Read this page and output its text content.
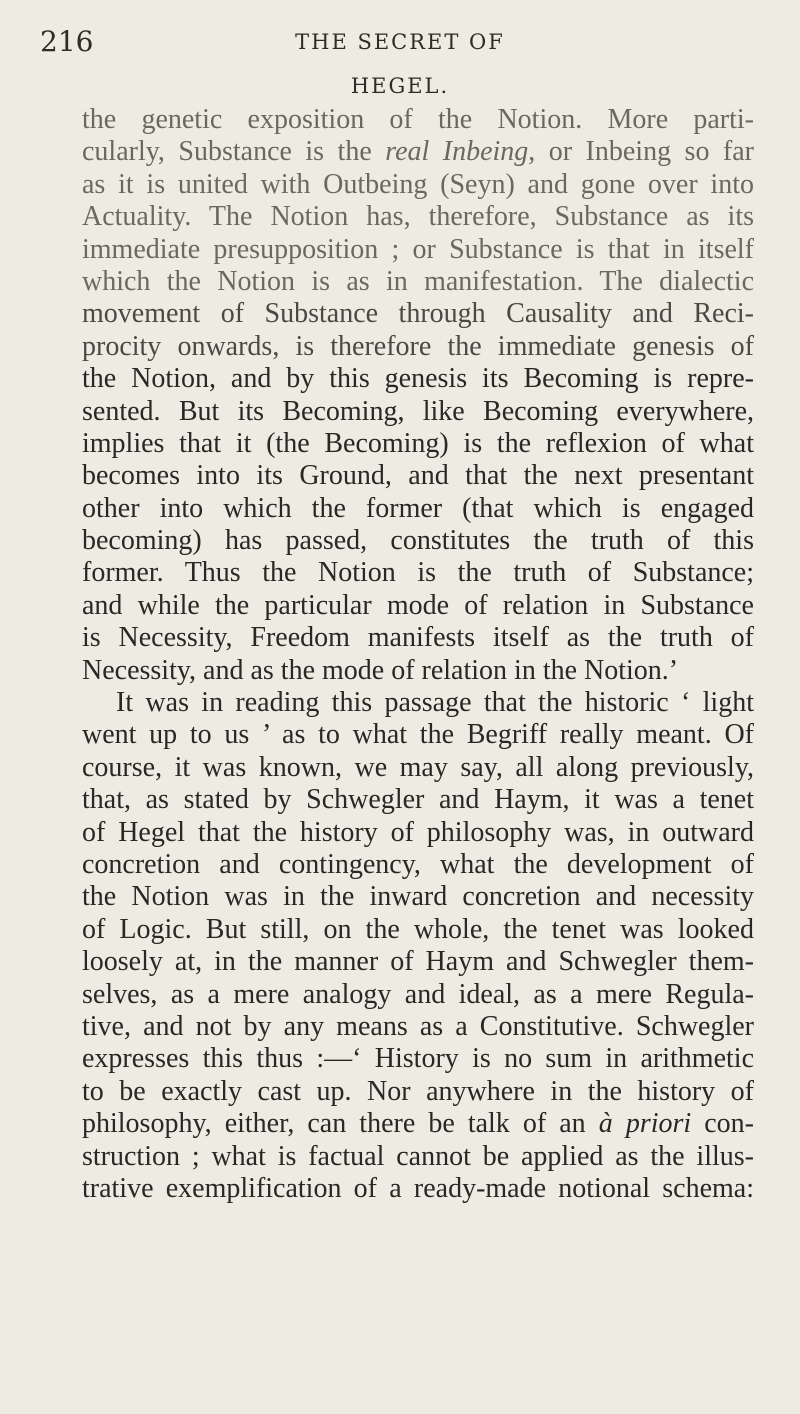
216	THE SECRET OF HEGEL.
the genetic exposition of the Notion. More parti-
cularly, Substance is the real Inbeing, or Inbeing so far
as it is united with Outbeing (Seyn) and gone over into
Actuality. The Notion has, therefore, Substance as its
immediate presupposition ; or Substance is that in itself
which the Notion is as in manifestation. The dialectic
movement of Substance through Causality and Reci-
procity onwards, is therefore the immediate genesis of
the Notion, and by this genesis its Becoming is repre-
sented. But its Becoming, like Becoming everywhere,
implies that it (the Becoming) is the reflexion of what
becomes into its Ground, and that the next presentant
other into which the former (that which is engaged
becoming) has passed, constitutes the truth of this
former. Thus the Notion is the truth of Substance;
and while the particular mode of relation in Substance
is Necessity, Freedom manifests itself as the truth of
Necessity, and as the mode of relation in the Notion.’
It was in reading this passage that the historic ‘ light
went up to us ’ as to what the Begriff really meant. Of
course, it was known, we may say, all along previously,
that, as stated by Schwegler and Haym, it was a tenet
of Hegel that the history of philosophy was, in outward
concretion and contingency, what the development of
the Notion was in the inward concretion and necessity
of Logic. But still, on the whole, the tenet was looked
loosely at, in the manner of Haym and Schwegler them-
selves, as a mere analogy and ideal, as a mere Regula-
tive, and not by any means as a Constitutive. Schwegler
expresses this thus :—‘ History is no sum in arithmetic
to be exactly cast up. Nor anywhere in the history of
philosophy, either, can there be talk of an à priori con-
struction ; what is factual cannot be applied as the illus-
trative exemplification of a ready-made notional schema:
